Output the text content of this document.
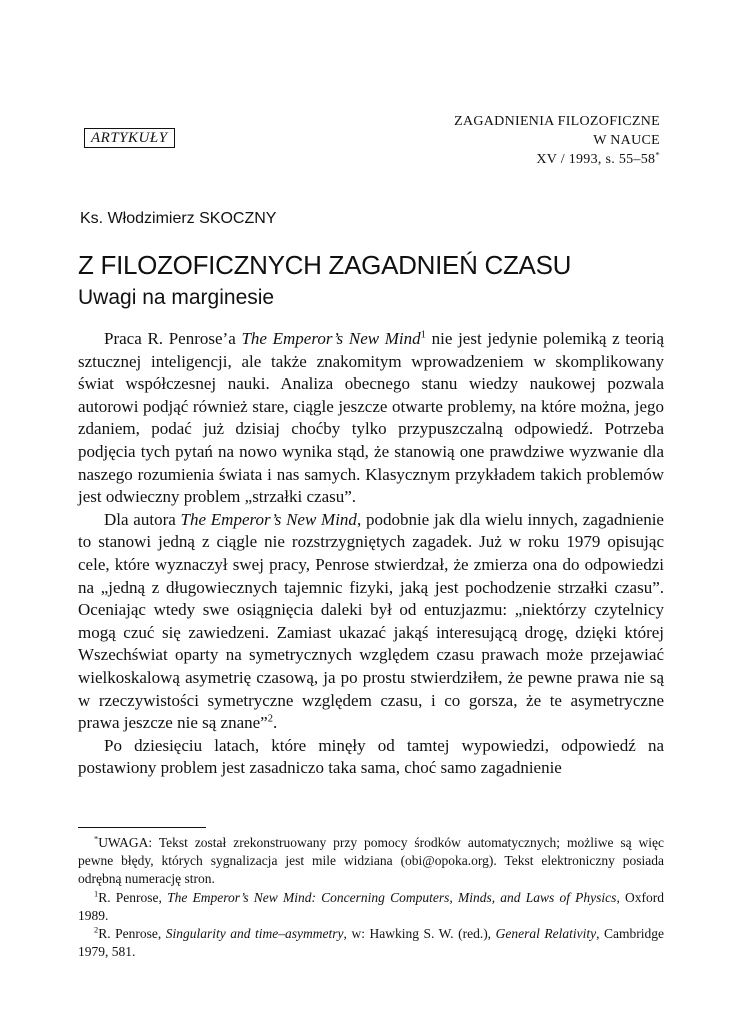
ARTYKUŁY
ZAGADNIENIA FILOZOFICZNE
W NAUCE
XV / 1993, s. 55–58*
Ks. Włodzimierz SKOCZNY
Z FILOZOFICZNYCH ZAGADNIEŃ CZASU
Uwagi na marginesie

Praca R. Penrose’a The Emperor’s New Mind$^1$ nie jest jedynie polemiką z teorią sztucznej inteligencji, ale także znakomitym wprowadzeniem w skomplikowany świat współczesnej nauki. Analiza obecnego stanu wiedzy naukowej pozwala autorowi podjąć również stare, ciągle jeszcze otwarte problemy, na które można, jego zdaniem, podać już dzisiaj choćby tylko przypuszczalną odpowiedź. Potrzeba podjęcia tych pytań na nowo wynika stąd, że stanowią one prawdziwe wyzwanie dla naszego rozumienia świata i nas samych. Klasycznym przykładem takich problemów jest odwieczny problem „strzałki czasu”.

Dla autora The Emperor’s New Mind, podobnie jak dla wielu innych, zagadnienie to stanowi jedną z ciągle nie rozstrzygniętych zagadek. Już w roku 1979 opisując cele, które wyznaczył swej pracy, Penrose stwierdzał, że zmierza ona do odpowiedzi na „jedną z długowiecznych tajemnic fizyki, jaką jest pochodzenie strzałki czasu”. Oceniając wtedy swe osiągnięcia daleki był od entuzjazmu: „niektórzy czytelnicy mogą czuć się zawiedzeni. Zamiast ukazać jakąś interesującą drogę, dzięki której Wszechświat oparty na symetrycznych względem czasu prawach może przejawiać wielkoskalową asymetrię czasową, ja po prostu stwierdziłem, że pewne prawa nie są w rzeczywistości symetryczne względem czasu, i co gorsza, że te asymetryczne prawa jeszcze nie są znane”$^2$.

Po dziesięciu latach, które minęły od tamtej wypowiedzi, odpowiedź na postawiony problem jest zasadniczo taka sama, choć samo zagadnienie

*UWAGA: Tekst został zrekonstruowany przy pomocy środków automatycznych; możliwe są więc pewne błędy, których sygnalizacja jest mile widziana (obi@opoka.org). Tekst elektroniczny posiada odrębną numerację stron.

$^1$R. Penrose, The Emperor’s New Mind: Concerning Computers, Minds, and Laws of Physics, Oxford 1989.

$^2$R. Penrose, Singularity and time–asymmetry, w: Hawking S. W. (red.), General Relativity, Cambridge 1979, 581.
